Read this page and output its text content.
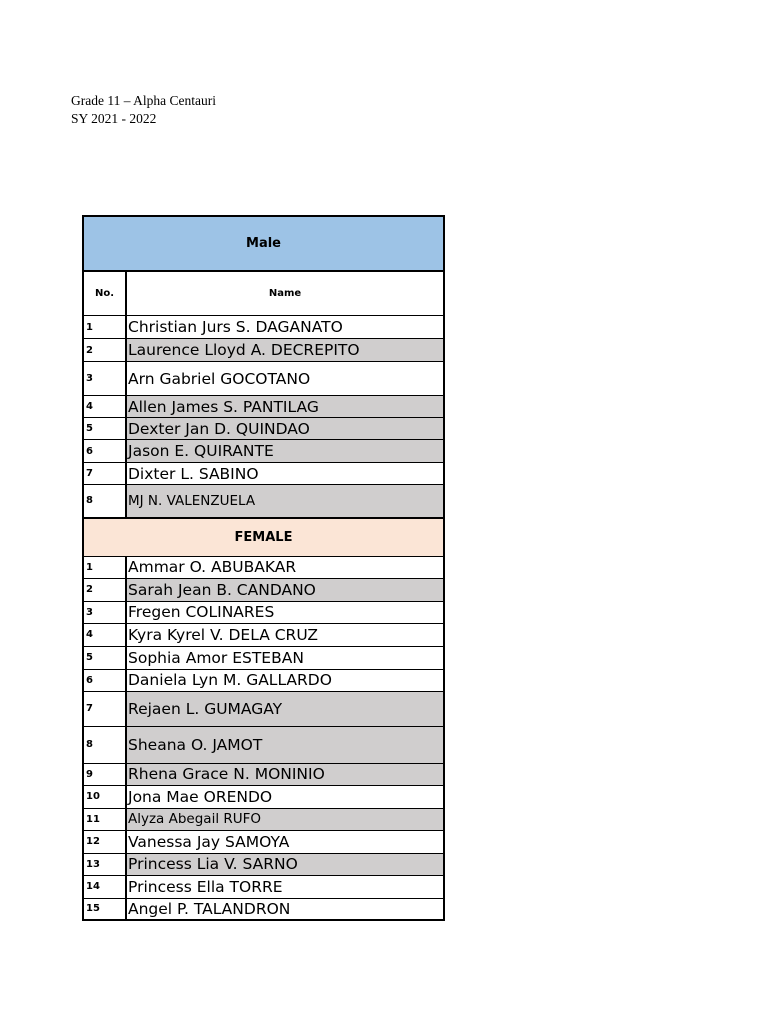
Grade 11 – Alpha Centauri
SY 2021 - 2022
Male	
No.	Name
1	Christian Jurs S. DAGANATO
2	Laurence Lloyd A. DECREPITO
3	Arn Gabriel GOCOTANO
4	Allen James S. PANTILAG
5	Dexter Jan D. QUINDAO
6	Jason E. QUIRANTE
7	Dixter L. SABINO
8	MJ N. VALENZUELA
FEMALE	
1	Ammar O. ABUBAKAR
2	Sarah Jean B. CANDANO
3	Fregen COLINARES
4	Kyra Kyrel V. DELA CRUZ
5	Sophia Amor ESTEBAN
6	Daniela Lyn M. GALLARDO
7	Rejaen L. GUMAGAY
8	Sheana O. JAMOT
9	Rhena Grace N. MONINIO
10	Jona Mae ORENDO
11	Alyza Abegail RUFO
12	Vanessa Jay SAMOYA
13	Princess Lia V. SARNO
14	Princess Ella TORRE
15	Angel P. TALANDRON
